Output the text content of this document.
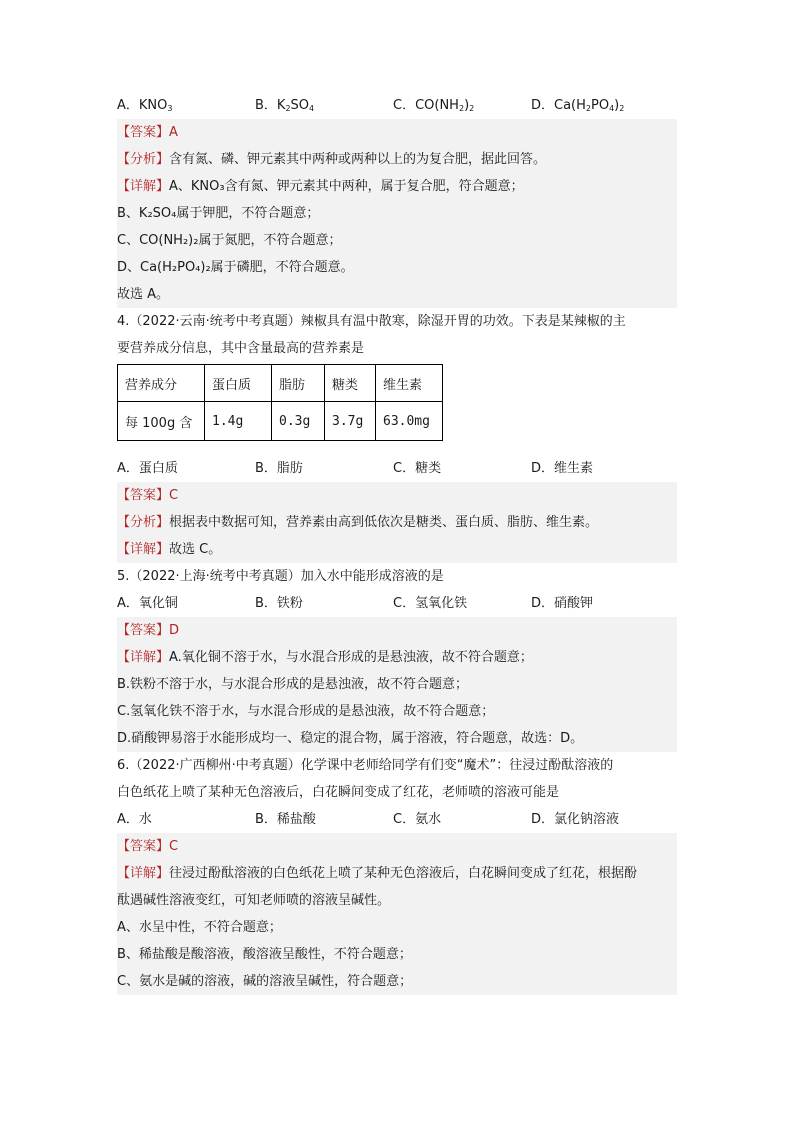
A．$KNO_3$	B．$K_2SO_4$	C．$CO(NH_2)_2$	D．$Ca(H_2PO_4)_2$
【答案】A
【分析】含有氮、磷、钾元素其中两种或两种以上的为复合肥，据此回答。
【详解】A、KNO₃含有氮、钾元素其中两种，属于复合肥，符合题意；
B、K₂SO₄属于钾肥，不符合题意；
C、CO(NH₂)₂属于氮肥，不符合题意；
D、Ca(H₂PO₄)₂属于磷肥，不符合题意。
故选 A。
4.（2022·云南·统考中考真题）辣椒具有温中散寒，除湿开胃的功效。下表是某辣椒的主
要营养成分信息，其中含量最高的营养素是
营养成分	蛋白质	脂肪	糖类	维生素
每 100g 含	1.4g	0.3g	3.7g	63.0mg
A．蛋白质	B．脂肪	C．糖类	D．维生素
【答案】C
【分析】根据表中数据可知，营养素由高到低依次是糖类、蛋白质、脂肪、维生素。
【详解】故选 C。
5.（2022·上海·统考中考真题）加入水中能形成溶液的是
A．氧化铜	B．铁粉	C．氢氧化铁	D．硝酸钾
【答案】D
【详解】A.氧化铜不溶于水，与水混合形成的是悬浊液，故不符合题意；
B.铁粉不溶于水，与水混合形成的是悬浊液，故不符合题意；
C.氢氧化铁不溶于水，与水混合形成的是悬浊液，故不符合题意；
D.硝酸钾易溶于水能形成均一、稳定的混合物，属于溶液，符合题意，故选：D。
6.（2022·广西柳州·中考真题）化学课中老师给同学有们变“魔术”：往浸过酚酞溶液的
白色纸花上喷了某种无色溶液后，白花瞬间变成了红花，老师喷的溶液可能是
A．水	B．稀盐酸	C．氨水	D．氯化钠溶液
【答案】C
【详解】往浸过酚酞溶液的白色纸花上喷了某种无色溶液后，白花瞬间变成了红花，根据酚
酞遇碱性溶液变红，可知老师喷的溶液呈碱性。
A、水呈中性，不符合题意；
B、稀盐酸是酸溶液，酸溶液呈酸性，不符合题意；
C、氨水是碱的溶液，碱的溶液呈碱性，符合题意；
